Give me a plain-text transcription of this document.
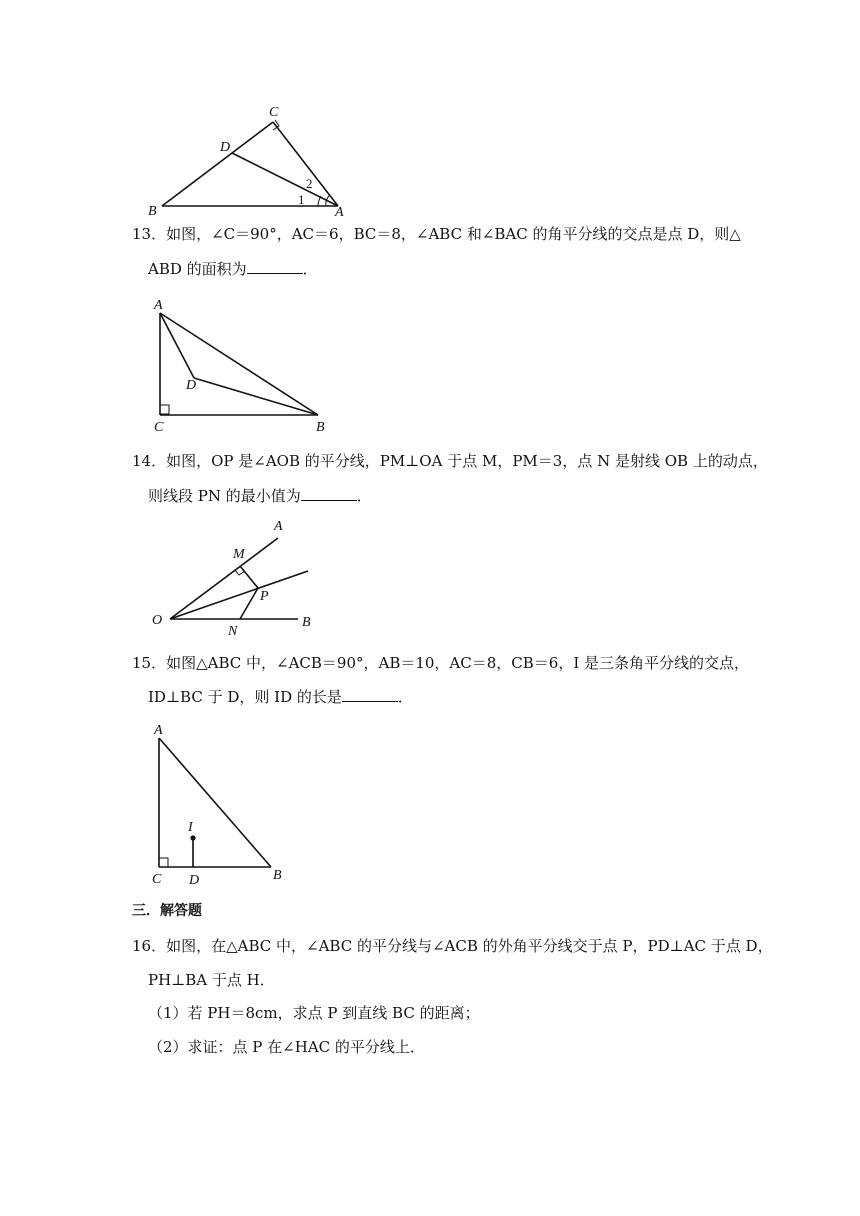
C
D
B	A
1
2
13．如图，∠C＝90°，AC＝6，BC＝8，∠ABC 和∠BAC 的角平分线的交点是点 D，则△
ABD 的面积为	．
A
D
C	B
14．如图，OP 是∠AOB 的平分线，PM⊥OA 于点 M，PM＝3，点 N 是射线 OB 上的动点，
则线段 PN 的最小值为	．
A
M
P
O
N
B
15．如图△ABC 中，∠ACB＝90°，AB＝10，AC＝8，CB＝6，I 是三条角平分线的交点，
ID⊥BC 于 D，则 ID 的长是	．
A
I
C D	B
三．解答题
16．如图，在△ABC 中，∠ABC 的平分线与∠ACB 的外角平分线交于点 P，PD⊥AC 于点 D，
PH⊥BA 于点 H．
（1）若 PH＝8cm，求点 P 到直线 BC 的距离；
（2）求证：点 P 在∠HAC 的平分线上．
